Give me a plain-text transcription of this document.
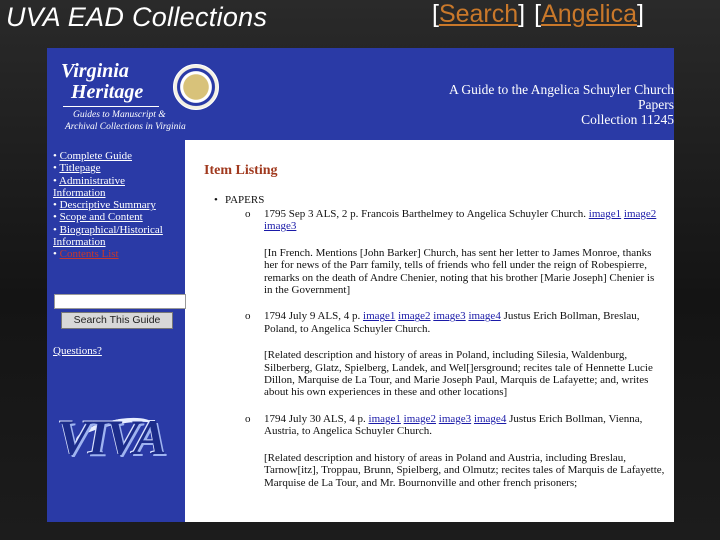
UVA EAD Collections	[Search] [Angelica]
Virginia
Heritage
Guides to Manuscript &
Archival Collections in Virginia
A Guide to the Angelica Schuyler Church
Papers
Collection 11245
• Complete Guide
• Titlepage
• Administrative Information
• Descriptive Summary
• Scope and Content
• Biographical/Historical Information
• Contents List
Search This Guide
Questions?
VIVA
Item Listing
• PAPERS
o 1795 Sep 3 ALS, 2 p. Francois Barthelmey to Angelica Schuyler Church. image1 image2 image3
[In French. Mentions [John Barker] Church, has sent her letter to James Monroe, thanks her for news of the Parr family, tells of friends who fell under the reign of Robespierre, remarks on the death of Andre Chenier, noting that his brother [Marie Joseph] Chenier is in the Government]
o 1794 July 9 ALS, 4 p. image1 image2 image3 image4 Justus Erich Bollman, Breslau, Poland, to Angelica Schuyler Church.
[Related description and history of areas in Poland, including Silesia, Waldenburg, Silberberg, Glatz, Spielberg, Landek, and Wel[]ersground; recites tale of Hennette Lucie Dillon, Marquise de La Tour, and Marie Joseph Paul, Marquis de Lafayette; and, writes about his own experiences in these and other locations]
o 1794 July 30 ALS, 4 p. image1 image2 image3 image4 Justus Erich Bollman, Vienna, Austria, to Angelica Schuyler Church.
[Related description and history of areas in Poland and Austria, including Breslau, Tarnow[itz], Troppau, Brunn, Spielberg, and Olmutz; recites tales of Marquis de Lafayette, Marquise de La Tour, and Mr. Bournonville and other french prisoners;
